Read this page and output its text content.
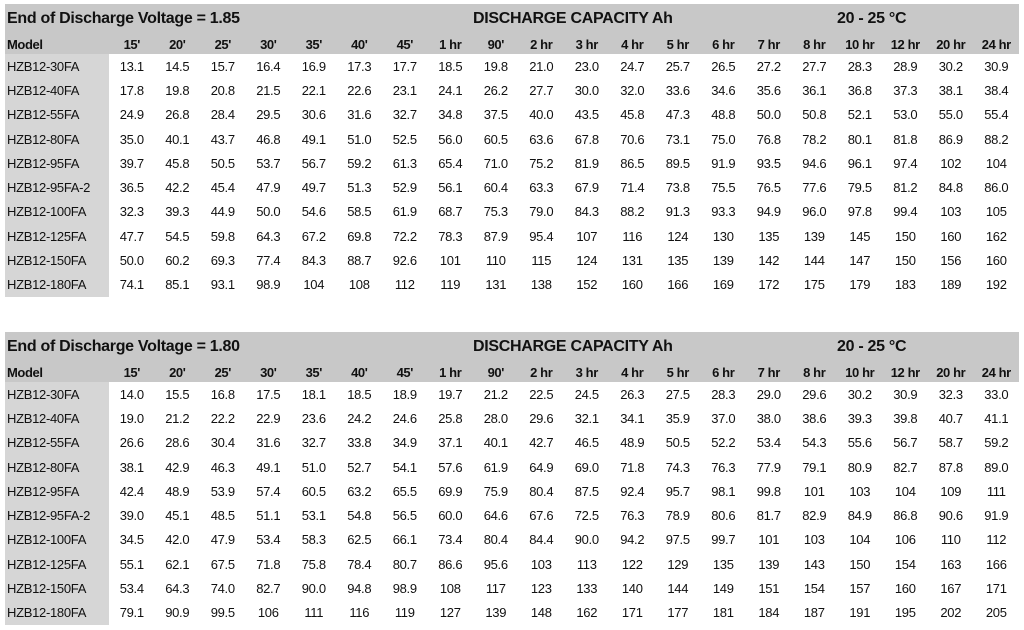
End of Discharge Voltage = 1.85									DISCHARGE CAPACITY Ah								20 - 25 °C			
Model	15'	20'	25'	30'	35'	40'	45'	1 hr	90'	2 hr	3 hr	4 hr	5 hr	6 hr	7 hr	8 hr	10 hr	12 hr	20 hr	24 hr
HZB12-30FA	13.1	14.5	15.7	16.4	16.9	17.3	17.7	18.5	19.8	21.0	23.0	24.7	25.7	26.5	27.2	27.7	28.3	28.9	30.2	30.9
HZB12-40FA	17.8	19.8	20.8	21.5	22.1	22.6	23.1	24.1	26.2	27.7	30.0	32.0	33.6	34.6	35.6	36.1	36.8	37.3	38.1	38.4
HZB12-55FA	24.9	26.8	28.4	29.5	30.6	31.6	32.7	34.8	37.5	40.0	43.5	45.8	47.3	48.8	50.0	50.8	52.1	53.0	55.0	55.4
HZB12-80FA	35.0	40.1	43.7	46.8	49.1	51.0	52.5	56.0	60.5	63.6	67.8	70.6	73.1	75.0	76.8	78.2	80.1	81.8	86.9	88.2
HZB12-95FA	39.7	45.8	50.5	53.7	56.7	59.2	61.3	65.4	71.0	75.2	81.9	86.5	89.5	91.9	93.5	94.6	96.1	97.4	102	104
HZB12-95FA-2	36.5	42.2	45.4	47.9	49.7	51.3	52.9	56.1	60.4	63.3	67.9	71.4	73.8	75.5	76.5	77.6	79.5	81.2	84.8	86.0
HZB12-100FA	32.3	39.3	44.9	50.0	54.6	58.5	61.9	68.7	75.3	79.0	84.3	88.2	91.3	93.3	94.9	96.0	97.8	99.4	103	105
HZB12-125FA	47.7	54.5	59.8	64.3	67.2	69.8	72.2	78.3	87.9	95.4	107	116	124	130	135	139	145	150	160	162
HZB12-150FA	50.0	60.2	69.3	77.4	84.3	88.7	92.6	101	110	115	124	131	135	139	142	144	147	150	156	160
HZB12-180FA	74.1	85.1	93.1	98.9	104	108	112	119	131	138	152	160	166	169	172	175	179	183	189	192
End of Discharge Voltage = 1.80									DISCHARGE CAPACITY Ah								20 - 25 °C			
Model	15'	20'	25'	30'	35'	40'	45'	1 hr	90'	2 hr	3 hr	4 hr	5 hr	6 hr	7 hr	8 hr	10 hr	12 hr	20 hr	24 hr
HZB12-30FA	14.0	15.5	16.8	17.5	18.1	18.5	18.9	19.7	21.2	22.5	24.5	26.3	27.5	28.3	29.0	29.6	30.2	30.9	32.3	33.0
HZB12-40FA	19.0	21.2	22.2	22.9	23.6	24.2	24.6	25.8	28.0	29.6	32.1	34.1	35.9	37.0	38.0	38.6	39.3	39.8	40.7	41.1
HZB12-55FA	26.6	28.6	30.4	31.6	32.7	33.8	34.9	37.1	40.1	42.7	46.5	48.9	50.5	52.2	53.4	54.3	55.6	56.7	58.7	59.2
HZB12-80FA	38.1	42.9	46.3	49.1	51.0	52.7	54.1	57.6	61.9	64.9	69.0	71.8	74.3	76.3	77.9	79.1	80.9	82.7	87.8	89.0
HZB12-95FA	42.4	48.9	53.9	57.4	60.5	63.2	65.5	69.9	75.9	80.4	87.5	92.4	95.7	98.1	99.8	101	103	104	109	111
HZB12-95FA-2	39.0	45.1	48.5	51.1	53.1	54.8	56.5	60.0	64.6	67.6	72.5	76.3	78.9	80.6	81.7	82.9	84.9	86.8	90.6	91.9
HZB12-100FA	34.5	42.0	47.9	53.4	58.3	62.5	66.1	73.4	80.4	84.4	90.0	94.2	97.5	99.7	101	103	104	106	110	112
HZB12-125FA	55.1	62.1	67.5	71.8	75.8	78.4	80.7	86.6	95.6	103	113	122	129	135	139	143	150	154	163	166
HZB12-150FA	53.4	64.3	74.0	82.7	90.0	94.8	98.9	108	117	123	133	140	144	149	151	154	157	160	167	171
HZB12-180FA	79.1	90.9	99.5	106	111	116	119	127	139	148	162	171	177	181	184	187	191	195	202	205
